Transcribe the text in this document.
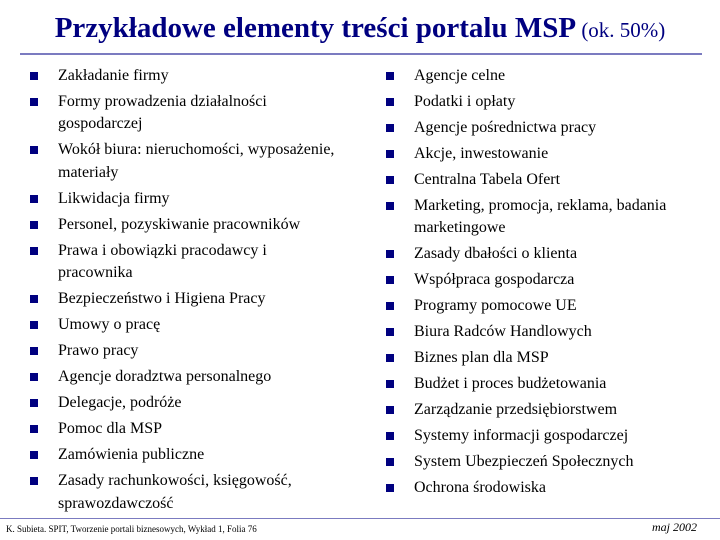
Przykładowe elementy treści portalu MSP (ok. 50%)
Zakładanie firmy
Formy prowadzenia działalności gospodarczej
Wokół biura: nieruchomości, wyposażenie, materiały
Likwidacja firmy
Personel, pozyskiwanie pracowników
Prawa i obowiązki pracodawcy i pracownika
Bezpieczeństwo i Higiena Pracy
Umowy o pracę
Prawo pracy
Agencje doradztwa personalnego
Delegacje, podróże
Pomoc dla MSP
Zamówienia publiczne
Zasady rachunkowości, księgowość, sprawozdawczość
Agencje celne
Podatki i opłaty
Agencje pośrednictwa pracy
Akcje, inwestowanie
Centralna Tabela Ofert
Marketing, promocja, reklama, badania marketingowe
Zasady dbałości o klienta
Współpraca gospodarcza
Programy pomocowe UE
Biura Radców Handlowych
Biznes plan dla MSP
Budżet i proces budżetowania
Zarządzanie przedsiębiorstwem
Systemy informacji gospodarczej
System Ubezpieczeń Społecznych
Ochrona środowiska
K. Subieta. SPIT, Tworzenie portali biznesowych, Wykład 1, Folia 76	maj 2002
